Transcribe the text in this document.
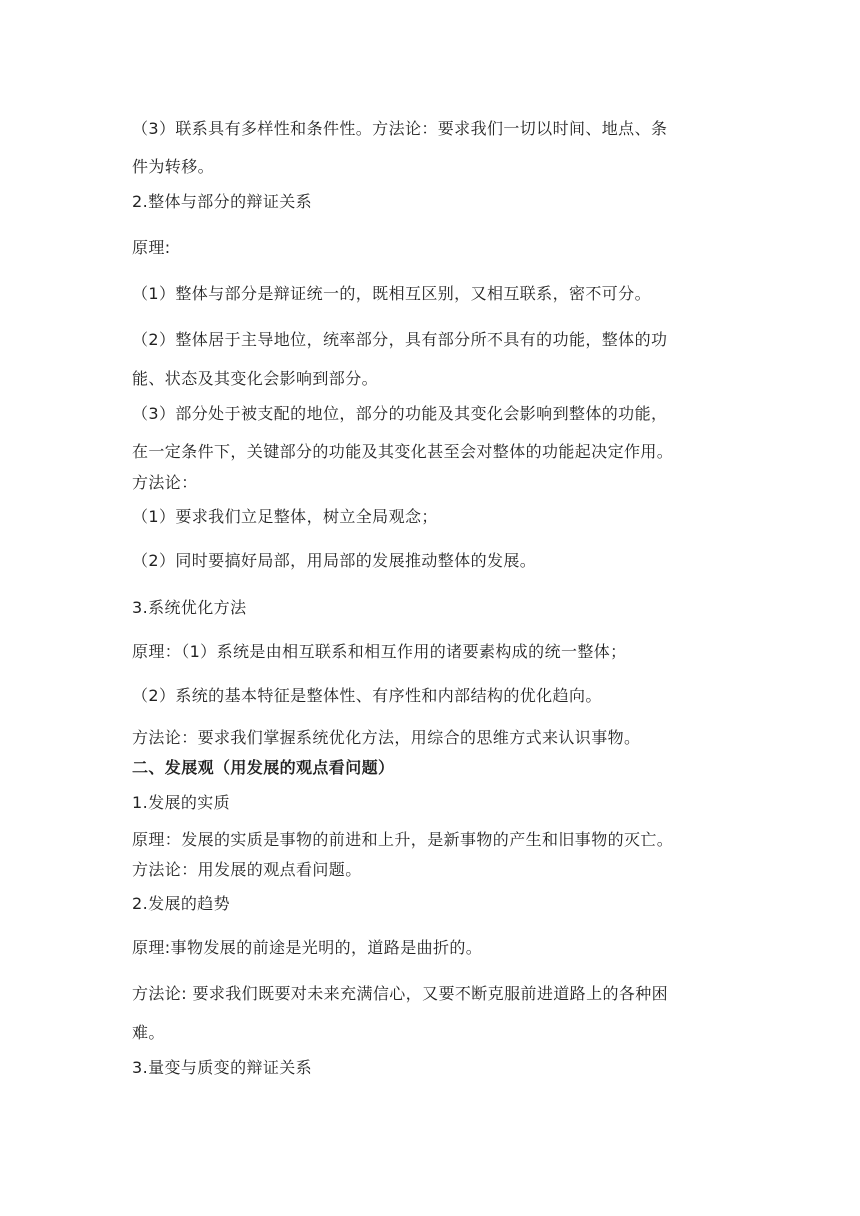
（3）联系具有多样性和条件性。方法论：要求我们一切以时间、地点、条
件为转移。
2.整体与部分的辩证关系
原理:
（1）整体与部分是辩证统一的，既相互区别，又相互联系，密不可分。
（2）整体居于主导地位，统率部分，具有部分所不具有的功能，整体的功
能、状态及其变化会影响到部分。
（3）部分处于被支配的地位，部分的功能及其变化会影响到整体的功能，
在一定条件下，关键部分的功能及其变化甚至会对整体的功能起决定作用。
方法论：
（1）要求我们立足整体，树立全局观念；
（2）同时要搞好局部，用局部的发展推动整体的发展。
3.系统优化方法
原理：（1）系统是由相互联系和相互作用的诸要素构成的统一整体；
（2）系统的基本特征是整体性、有序性和内部结构的优化趋向。
方法论：要求我们掌握系统优化方法，用综合的思维方式来认识事物。
二、发展观（用发展的观点看问题）
1.发展的实质
原理：发展的实质是事物的前进和上升，是新事物的产生和旧事物的灭亡。
方法论：用发展的观点看问题。
2.发展的趋势
原理:事物发展的前途是光明的，道路是曲折的。
方法论: 要求我们既要对未来充满信心，又要不断克服前进道路上的各种困
难。
3.量变与质变的辩证关系
